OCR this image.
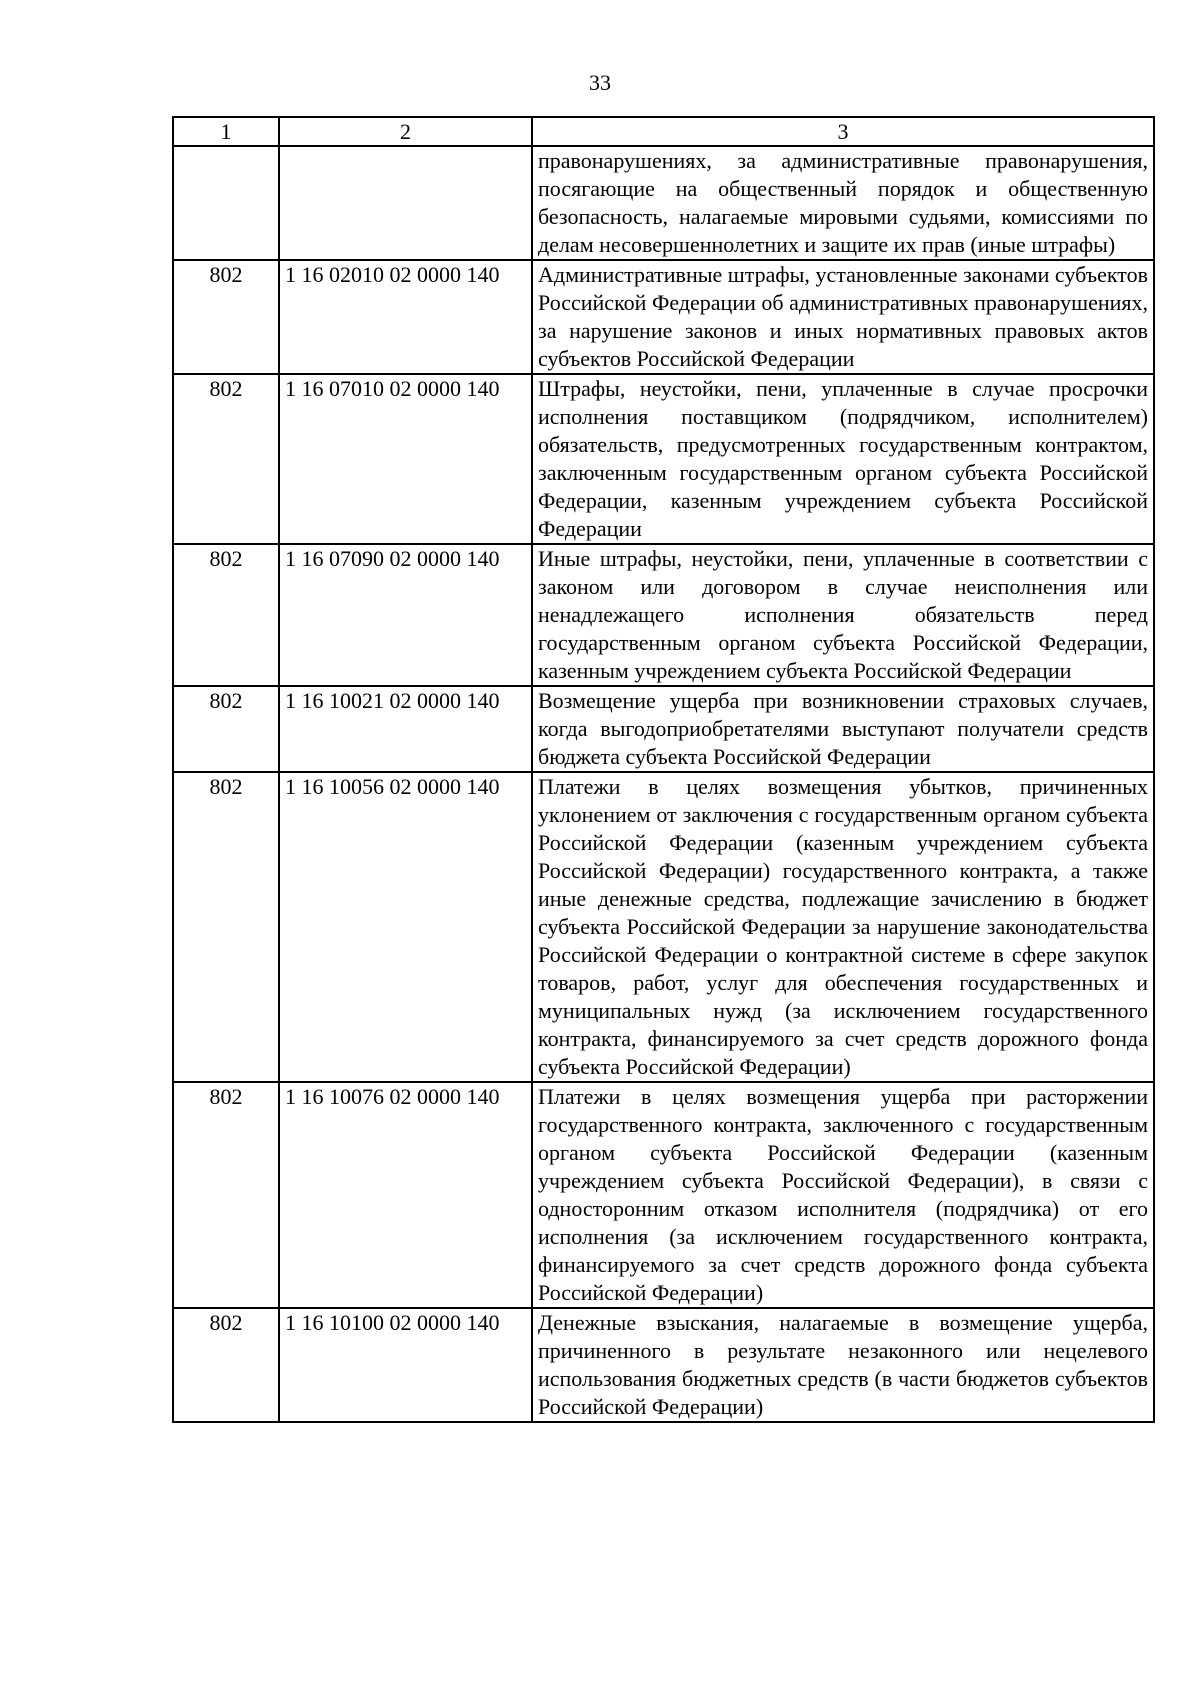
33
1	2	3
		правонарушениях, за административные правонарушения, посягающие на общественный порядок и общественную безопасность, налагаемые мировыми судьями, комиссиями по делам несовершеннолетних и защите их прав (иные штрафы)
802	1 16 02010 02 0000 140	Административные штрафы, установленные законами субъектов Российской Федерации об административных правонарушениях, за нарушение законов и иных нормативных правовых актов субъектов Российской Федерации
802	1 16 07010 02 0000 140	Штрафы, неустойки, пени, уплаченные в случае просрочки исполнения поставщиком (подрядчиком, исполнителем) обязательств, предусмотренных государственным контрактом, заключенным государственным органом субъекта Российской Федерации, казенным учреждением субъекта Российской Федерации
802	1 16 07090 02 0000 140	Иные штрафы, неустойки, пени, уплаченные в соответствии с законом или договором в случае неисполнения или ненадлежащего исполнения обязательств перед государственным органом субъекта Российской Федерации, казенным учреждением субъекта Российской Федерации
802	1 16 10021 02 0000 140	Возмещение ущерба при возникновении страховых случаев, когда выгодоприобретателями выступают получатели средств бюджета субъекта Российской Федерации
802	1 16 10056 02 0000 140	Платежи в целях возмещения убытков, причиненных уклонением от заключения с государственным органом субъекта Российской Федерации (казенным учреждением субъекта Российской Федерации) государственного контракта, а также иные денежные средства, подлежащие зачислению в бюджет субъекта Российской Федерации за нарушение законодательства Российской Федерации о контрактной системе в сфере закупок товаров, работ, услуг для обеспечения государственных и муниципальных нужд (за исключением государственного контракта, финансируемого за счет средств дорожного фонда субъекта Российской Федерации)
802	1 16 10076 02 0000 140	Платежи в целях возмещения ущерба при расторжении государственного контракта, заключенного с государственным органом субъекта Российской Федерации (казенным учреждением субъекта Российской Федерации), в связи с односторонним отказом исполнителя (подрядчика) от его исполнения (за исключением государственного контракта, финансируемого за счет средств дорожного фонда субъекта Российской Федерации)
802	1 16 10100 02 0000 140	Денежные взыскания, налагаемые в возмещение ущерба, причиненного в результате незаконного или нецелевого использования бюджетных средств (в части бюджетов субъектов Российской Федерации)
